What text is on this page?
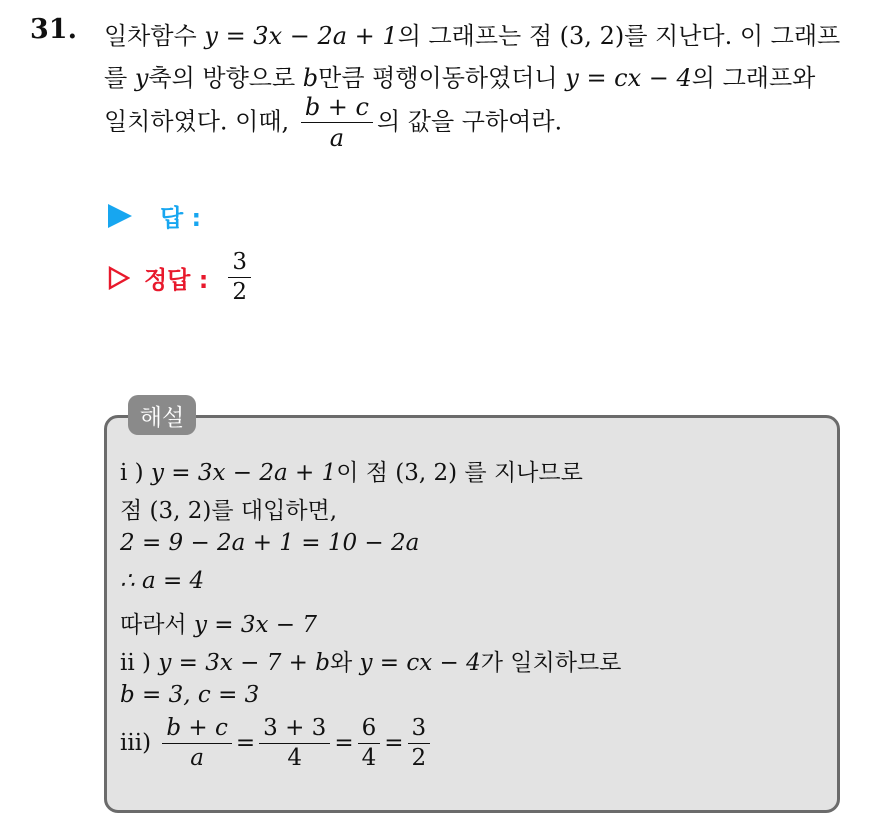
31. 일차함수 y = 3x − 2a + 1의 그래프는 점 (3, 2)를 지난다. 이 그래프
를 y축의 방향으로 b만큼 평행이동하였더니 y = cx − 4의 그래프와
일치하였다. 이때, $\frac{b + c}{a}$ 의 값을 구하여라.
답 :
정답 : $\frac{3}{2}$
해설
i ) y = 3x − 2a + 1이 점 (3, 2) 를 지나므로
점 (3, 2)를 대입하면,
2 = 9 − 2a + 1 = 10 − 2a
∴ a = 4
따라서 y = 3x − 7
ii ) y = 3x − 7 + b와 y = cx − 4가 일치하므로
b = 3, c = 3
$iii) \frac{b + c}{a} = \frac{3 + 3}{4} = \frac{6}{4} = \frac{3}{2}$
